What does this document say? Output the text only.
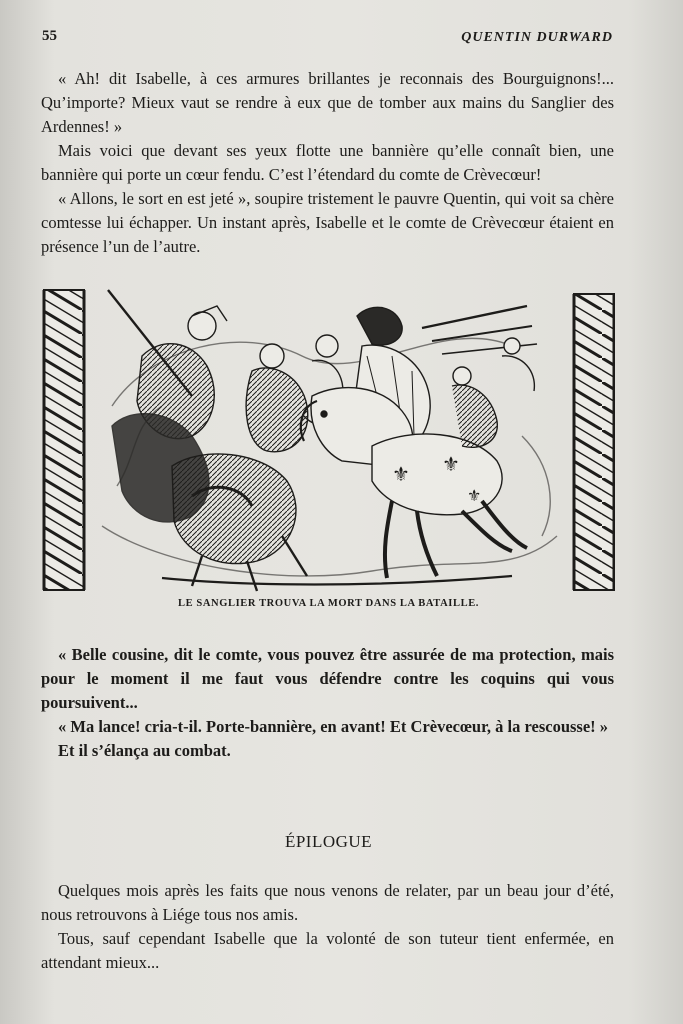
55	QUENTIN DURWARD

« Ah! dit Isabelle, à ces armures brillantes je reconnais des Bourguignons!... Qu’importe? Mieux vaut se rendre à eux que de tomber aux mains du Sanglier des Ardennes! »

Mais voici que devant ses yeux flotte une bannière qu’elle connaît bien, une bannière qui porte un cœur fendu. C’est l’étendard du comte de Crèvecœur!

« Allons, le sort en est jeté », soupire tristement le pauvre Quentin, qui voit sa chère comtesse lui échapper. Un instant après, Isabelle et le comte de Crèvecœur étaient en présence l’un de l’autre.

⚜ ⚜
⚜
LE SANGLIER TROUVA LA MORT DANS LA BATAILLE.

« Belle cousine, dit le comte, vous pouvez être assurée de ma protection, mais pour le moment il me faut vous défendre contre les coquins qui vous poursuivent...

« Ma lance! cria-t-il. Porte-bannière, en avant! Et Crèvecœur, à la rescousse! »

Et il s’élança au combat.

ÉPILOGUE

Quelques mois après les faits que nous venons de relater, par un beau jour d’été, nous retrouvons à Liége tous nos amis.

Tous, sauf cependant Isabelle que la volonté de son tuteur tient enfermée, en attendant mieux...
